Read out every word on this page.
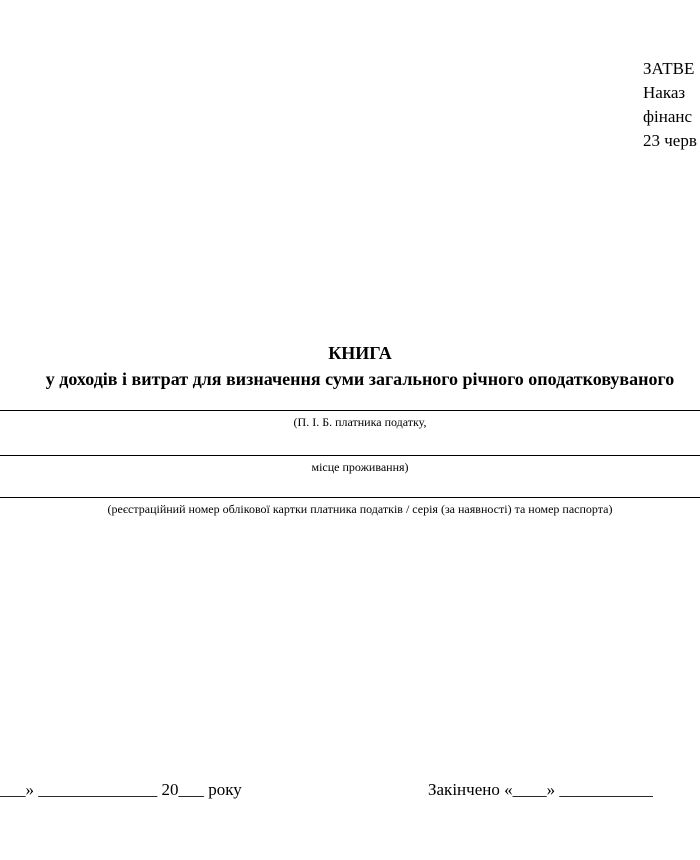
ЗАТВЕ
Наказ
фінанс
23 черв
КНИГА
у доходів і витрат для визначення суми загального річного оподатковуваного
(П. І. Б. платника податку,
місце проживання)
(реєстраційний номер облікової картки платника податків / серія (за наявності) та номер паспорта)
___» ______________ 20___ року	Закінчено «____» ___________
